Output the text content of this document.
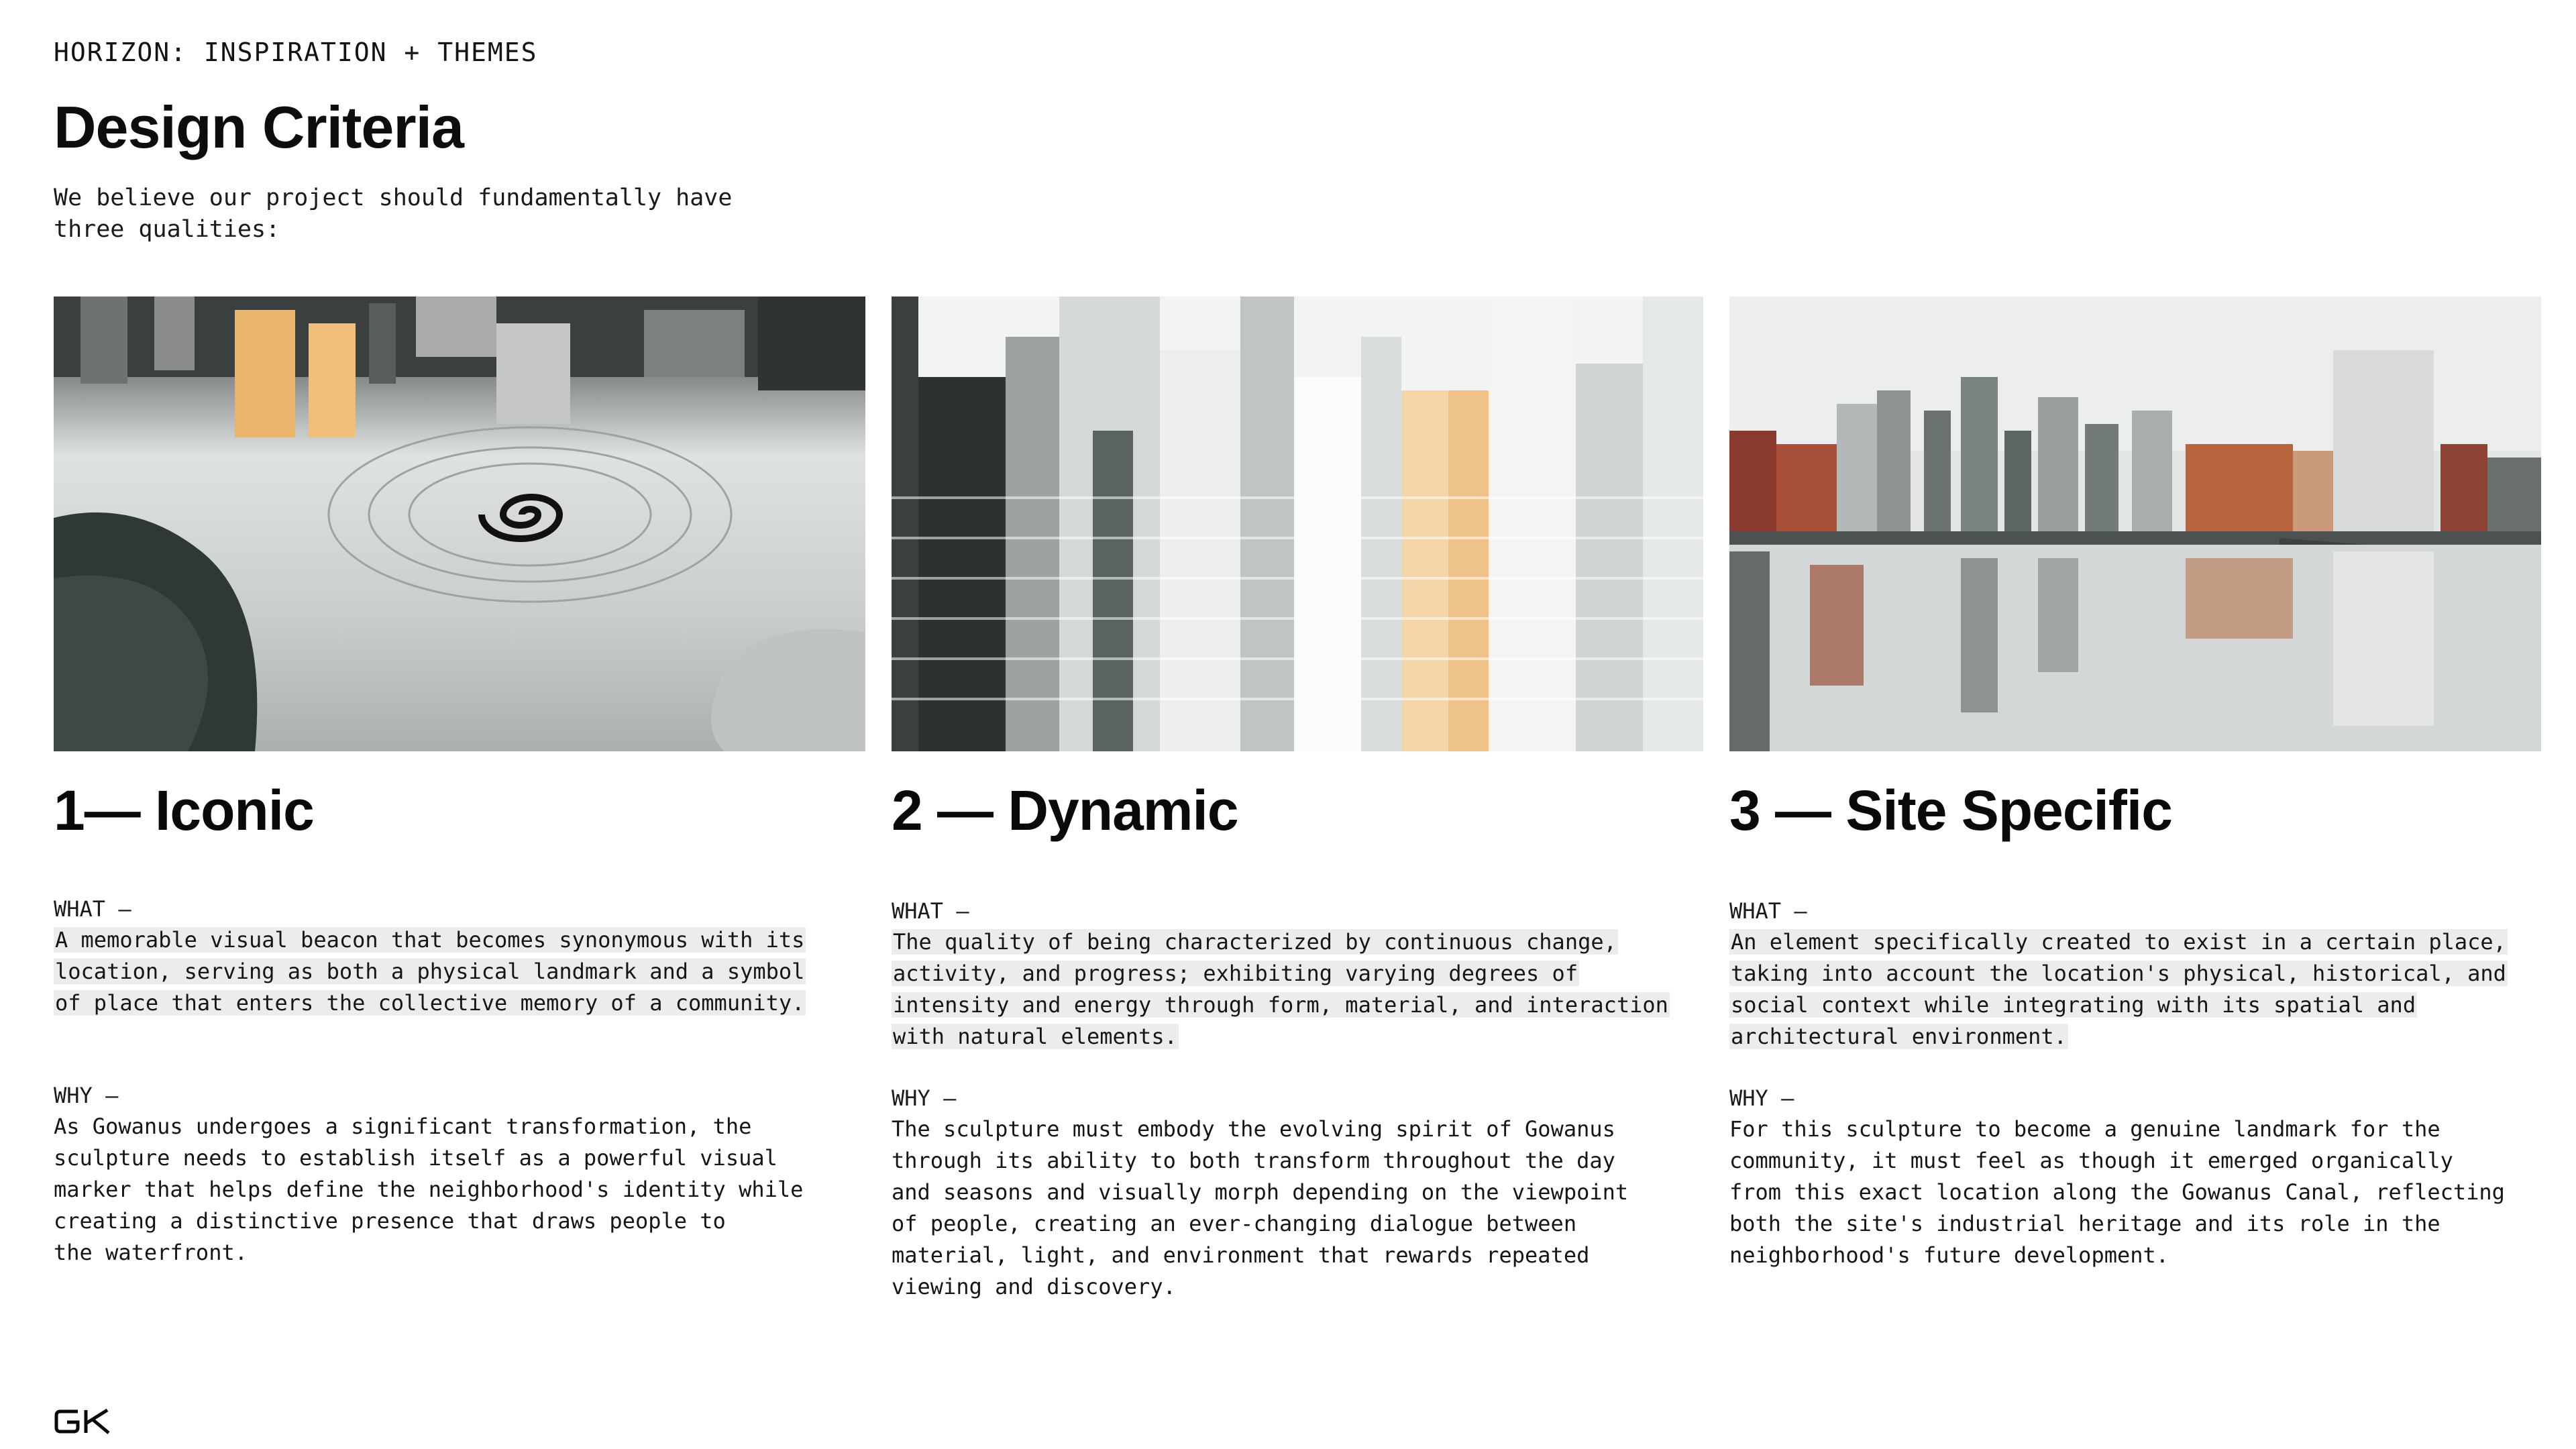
HORIZON: INSPIRATION + THEMES
Design Criteria
We believe our project should fundamentally have
three qualities:
1— Iconic
WHAT —
A memorable visual beacon that becomes synonymous with its
location, serving as both a physical landmark and a symbol
of place that enters the collective memory of a community.
WHY —
As Gowanus undergoes a significant transformation, the
sculpture needs to establish itself as a powerful visual
marker that helps define the neighborhood's identity while
creating a distinctive presence that draws people to
the waterfront.
2 — Dynamic
WHAT —
The quality of being characterized by continuous change,
activity, and progress; exhibiting varying degrees of
intensity and energy through form, material, and interaction
with natural elements.
WHY —
The sculpture must embody the evolving spirit of Gowanus
through its ability to both transform throughout the day
and seasons and visually morph depending on the viewpoint
of people, creating an ever-changing dialogue between
material, light, and environment that rewards repeated
viewing and discovery.
3 — Site Specific
WHAT —
An element specifically created to exist in a certain place,
taking into account the location's physical, historical, and
social context while integrating with its spatial and
architectural environment.
WHY —
For this sculpture to become a genuine landmark for the
community, it must feel as though it emerged organically
from this exact location along the Gowanus Canal, reflecting
both the site's industrial heritage and its role in the
neighborhood's future development.
